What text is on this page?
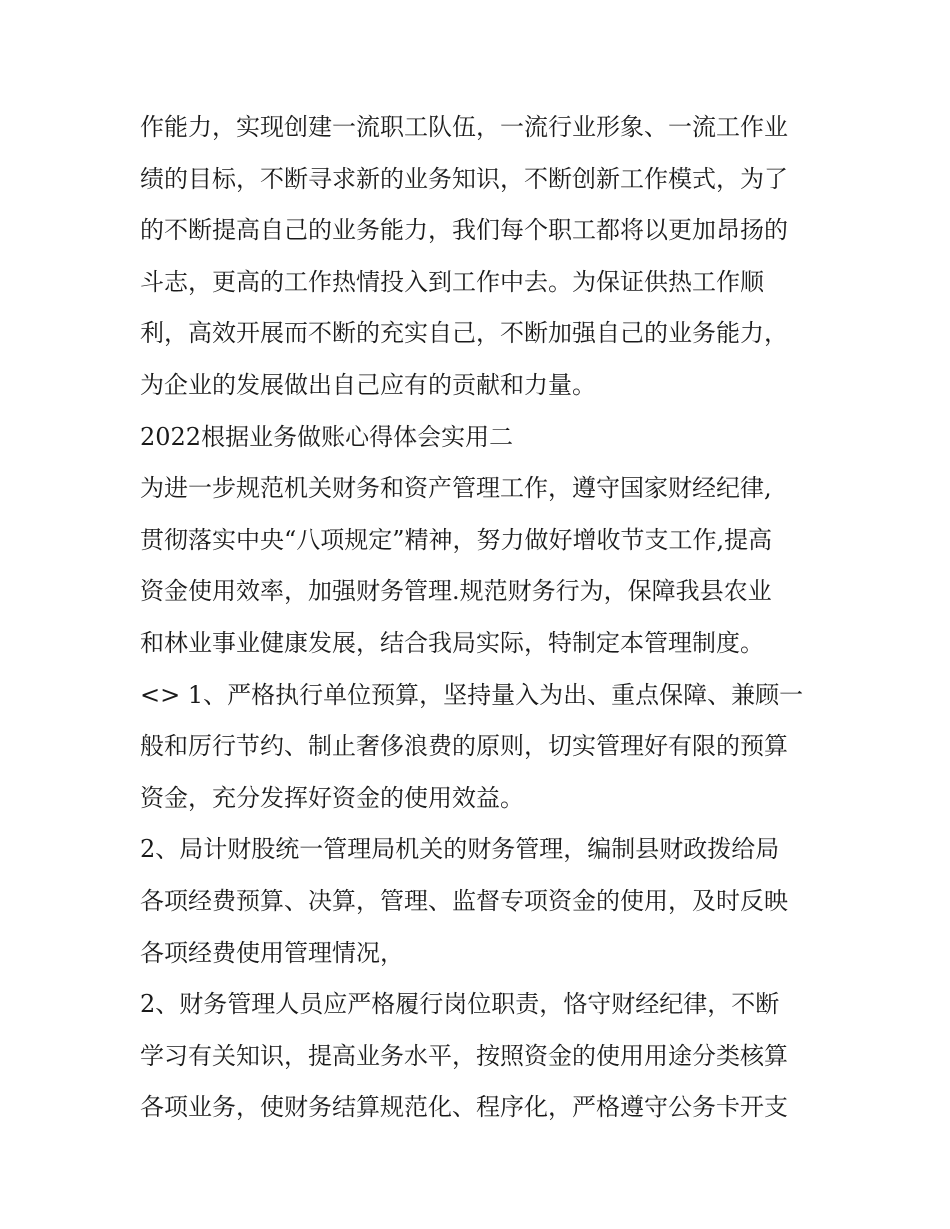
作能力，实现创建一流职工队伍，一流行业形象、一流工作业
绩的目标，不断寻求新的业务知识，不断创新工作模式，为了
的不断提高自己的业务能力，我们每个职工都将以更加昂扬的
斗志，更高的工作热情投入到工作中去。为保证供热工作顺
利，高效开展而不断的充实自己，不断加强自己的业务能力，
为企业的发展做出自己应有的贡献和力量。
2022根据业务做账心得体会实用二
为进一步规范机关财务和资产管理工作，遵守国家财经纪律,
贯彻落实中央“八项规定”精神，努力做好增收节支工作,提高
资金使用效率，加强财务管理.规范财务行为，保障我县农业
和林业事业健康发展，结合我局实际，特制定本管理制度。
<> 1、严格执行单位预算，坚持量入为出、重点保障、兼顾一
般和厉行节约、制止奢侈浪费的原则，切实管理好有限的预算
资金，充分发挥好资金的使用效益。
2、局计财股统一管理局机关的财务管理，编制县财政拨给局
各项经费预算、决算，管理、监督专项资金的使用，及时反映
各项经费使用管理情况，
2、财务管理人员应严格履行岗位职责，恪守财经纪律，不断
学习有关知识，提高业务水平，按照资金的使用用途分类核算
各项业务，使财务结算规范化、程序化，严格遵守公务卡开支
